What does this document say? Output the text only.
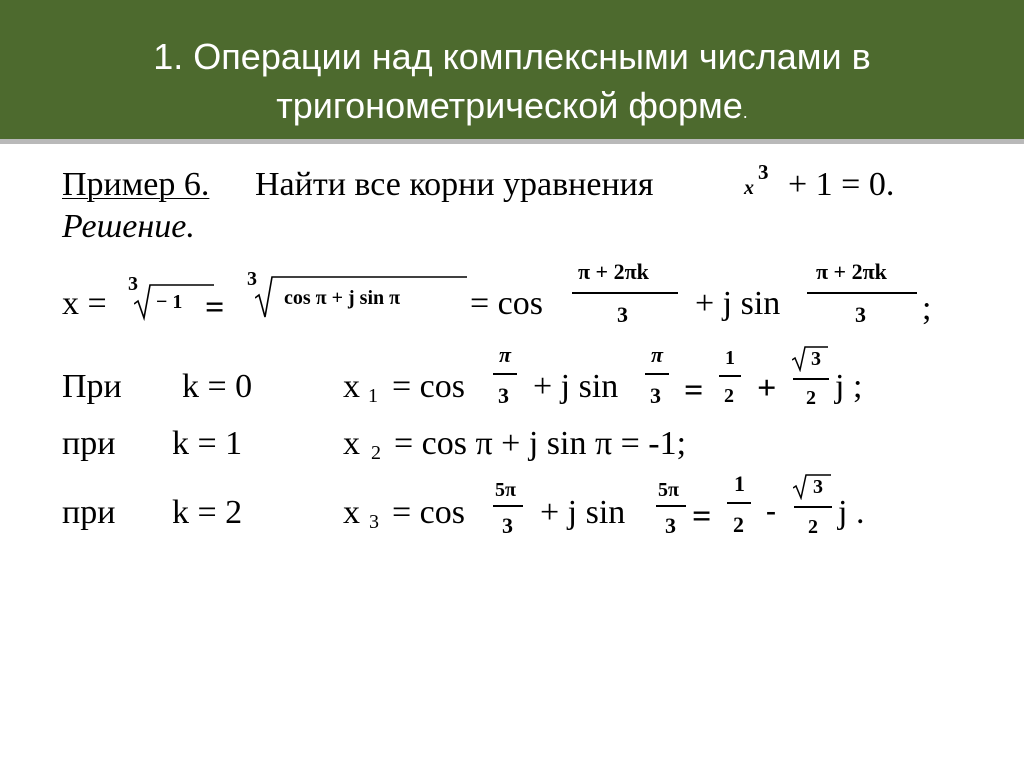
1. Операции над комплексными числами в
тригонометрической форме.
Пример 6. Найти все корни уравнения	x
3 + 1 = 0.
Решение.
x =
3
− 1 =
3
cos π + j sin π = cos
π + 2πk
3 + j sin
π + 2πk
3 ;
При k = 0	x 1 = cos
π
3 + j sin
π
3 =
1
2 +
3
2 j ;
при k = 1	x 2 = cos π + j sin π = -1;
при k = 2	x 3 = cos
5π
3 + j sin
5π
3 =
1
2 -
3
2 j .
